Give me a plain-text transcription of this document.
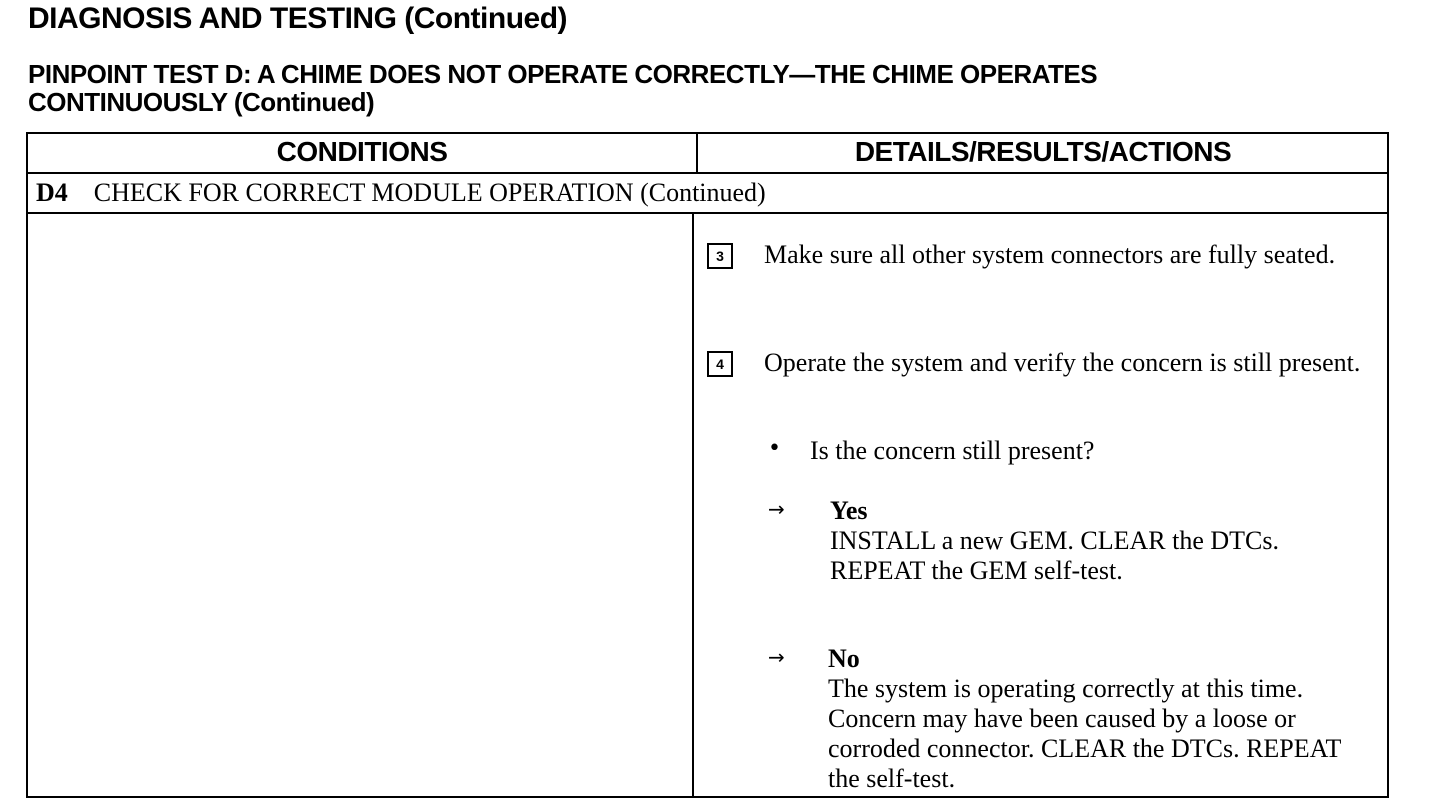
DIAGNOSIS AND TESTING (Continued)
PINPOINT TEST D: A CHIME DOES NOT OPERATE CORRECTLY—THE CHIME OPERATES
CONTINUOUSLY (Continued)
CONDITIONS	DETAILS/RESULTS/ACTIONS
D4 CHECK FOR CORRECT MODULE OPERATION (Continued)
3	Make sure all other system connectors are fully seated.
4	Operate the system and verify the concern is still present.
• Is the concern still present?
→ Yes
INSTALL a new GEM. CLEAR the DTCs. REPEAT the GEM self-test.
→ No
The system is operating correctly at this time. Concern may have been caused by a loose or corroded connector. CLEAR the DTCs. REPEAT the self-test.
